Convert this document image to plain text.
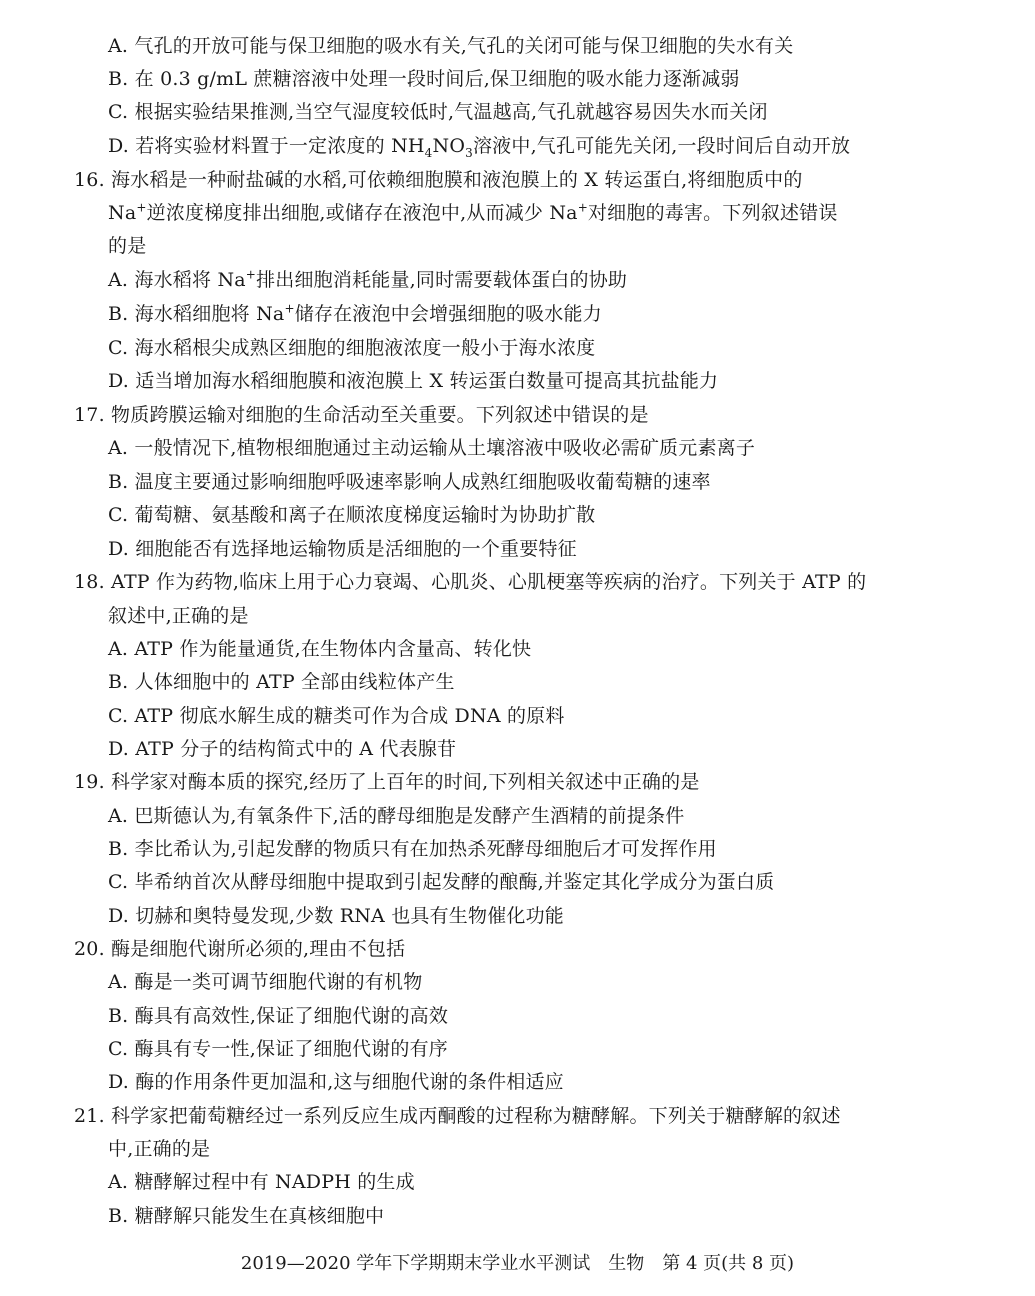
A. 气孔的开放可能与保卫细胞的吸水有关,气孔的关闭可能与保卫细胞的失水有关
B. 在 0.3 g/mL 蔗糖溶液中处理一段时间后,保卫细胞的吸水能力逐渐减弱
C. 根据实验结果推测,当空气湿度较低时,气温越高,气孔就越容易因失水而关闭
D. 若将实验材料置于一定浓度的 $NH_4NO_3$溶液中,气孔可能先关闭,一段时间后自动开放
16. 海水稻是一种耐盐碱的水稻,可依赖细胞膜和液泡膜上的 X 转运蛋白,将细胞质中的
Na+逆浓度梯度排出细胞,或储存在液泡中,从而减少 Na+对细胞的毒害。下列叙述错误
的是
A. 海水稻将 Na+排出细胞消耗能量,同时需要载体蛋白的协助
B. 海水稻细胞将 Na+储存在液泡中会增强细胞的吸水能力
C. 海水稻根尖成熟区细胞的细胞液浓度一般小于海水浓度
D. 适当增加海水稻细胞膜和液泡膜上 X 转运蛋白数量可提高其抗盐能力
17. 物质跨膜运输对细胞的生命活动至关重要。下列叙述中错误的是
A. 一般情况下,植物根细胞通过主动运输从土壤溶液中吸收必需矿质元素离子
B. 温度主要通过影响细胞呼吸速率影响人成熟红细胞吸收葡萄糖的速率
C. 葡萄糖、氨基酸和离子在顺浓度梯度运输时为协助扩散
D. 细胞能否有选择地运输物质是活细胞的一个重要特征
18. ATP 作为药物,临床上用于心力衰竭、心肌炎、心肌梗塞等疾病的治疗。下列关于 ATP 的
叙述中,正确的是
A. ATP 作为能量通货,在生物体内含量高、转化快
B. 人体细胞中的 ATP 全部由线粒体产生
C. ATP 彻底水解生成的糖类可作为合成 DNA 的原料
D. ATP 分子的结构简式中的 A 代表腺苷
19. 科学家对酶本质的探究,经历了上百年的时间,下列相关叙述中正确的是
A. 巴斯德认为,有氧条件下,活的酵母细胞是发酵产生酒精的前提条件
B. 李比希认为,引起发酵的物质只有在加热杀死酵母细胞后才可发挥作用
C. 毕希纳首次从酵母细胞中提取到引起发酵的酿酶,并鉴定其化学成分为蛋白质
D. 切赫和奥特曼发现,少数 RNA 也具有生物催化功能
20. 酶是细胞代谢所必须的,理由不包括
A. 酶是一类可调节细胞代谢的有机物
B. 酶具有高效性,保证了细胞代谢的高效
C. 酶具有专一性,保证了细胞代谢的有序
D. 酶的作用条件更加温和,这与细胞代谢的条件相适应
21. 科学家把葡萄糖经过一系列反应生成丙酮酸的过程称为糖酵解。下列关于糖酵解的叙述
中,正确的是
A. 糖酵解过程中有 NADPH 的生成
B. 糖酵解只能发生在真核细胞中
2019—2020 学年下学期期末学业水平测试　生物　第 4 页(共 8 页)
